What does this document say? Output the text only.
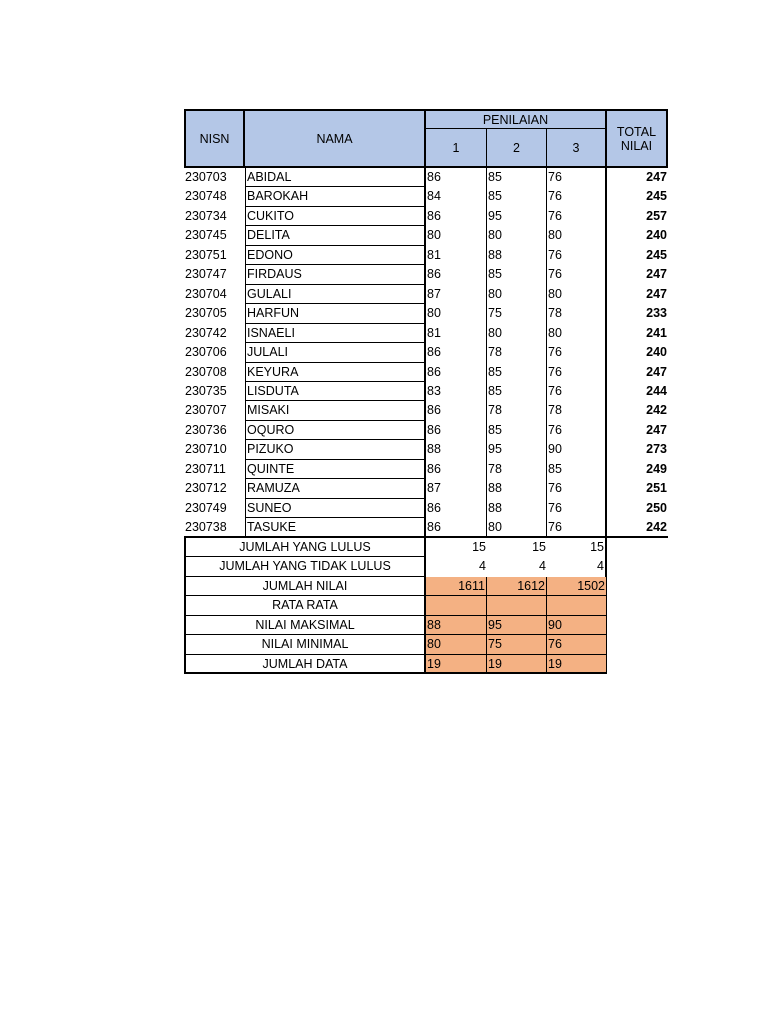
NISN	NAMA
PENILAIAN
1	2	3
TOTAL
NILAI
230703	ABIDAL	86	85	76	247
230748	BAROKAH	84	85	76	245
230734	CUKITO	86	95	76	257
230745	DELITA	80	80	80	240
230751	EDONO	81	88	76	245
230747	FIRDAUS	86	85	76	247
230704	GULALI	87	80	80	247
230705	HARFUN	80	75	78	233
230742	ISNAELI	81	80	80	241
230706	JULALI	86	78	76	240
230708	KEYURA	86	85	76	247
230735	LISDUTA	83	85	76	244
230707	MISAKI	86	78	78	242
230736	OQURO	86	85	76	247
230710	PIZUKO	88	95	90	273
230711	QUINTE	86	78	85	249
230712	RAMUZA	87	88	76	251
230749	SUNEO	86	88	76	250
230738	TASUKE	86	80	76	242
JUMLAH YANG LULUS	15	15	15
JUMLAH YANG TIDAK LULUS	4	4	4
JUMLAH NILAI	1611	1612	1502
RATA RATA
NILAI MAKSIMAL	88	95	90
NILAI MINIMAL	80	75	76
JUMLAH DATA	19	19	19
